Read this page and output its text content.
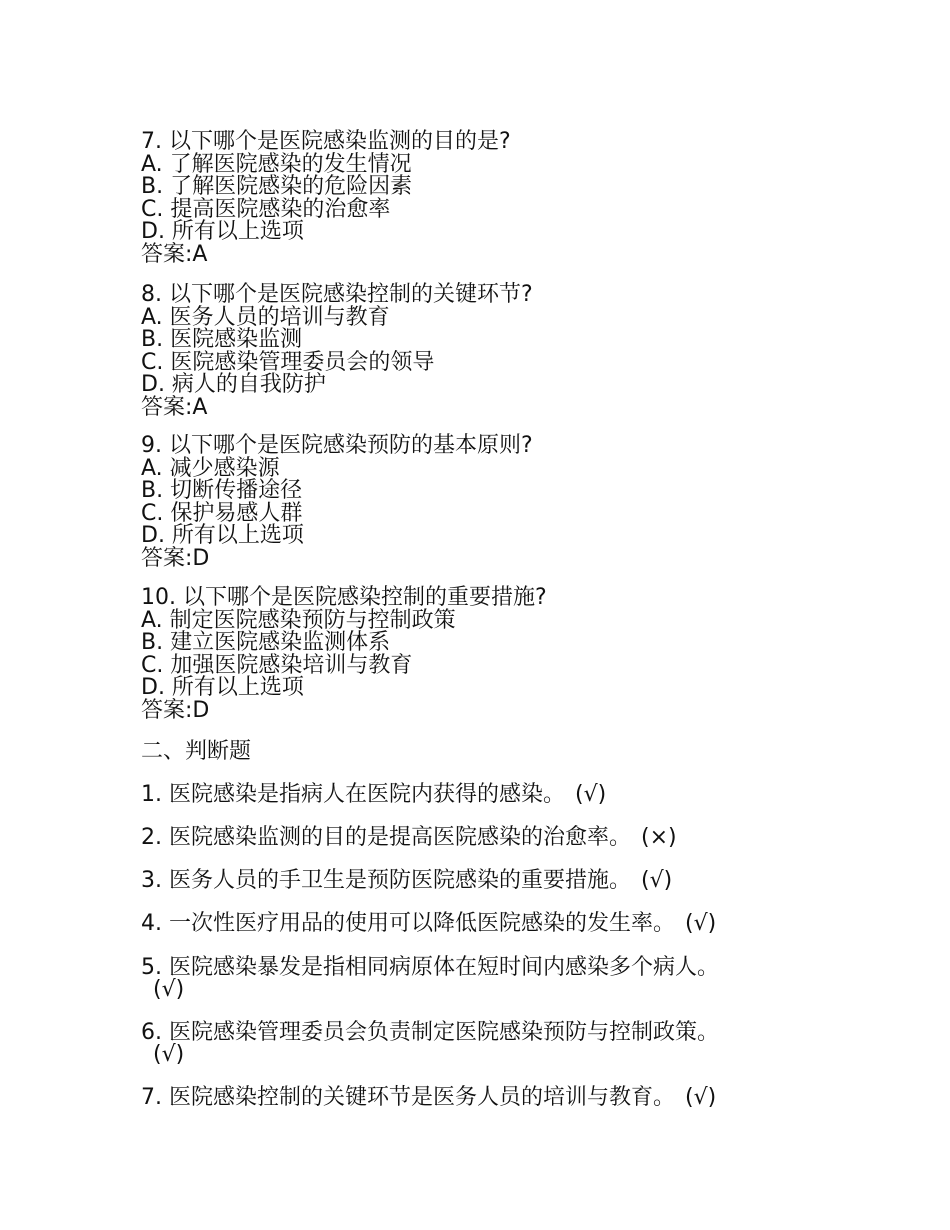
7. 以下哪个是医院感染监测的目的是?
A. 了解医院感染的发生情况
B. 了解医院感染的危险因素
C. 提高医院感染的治愈率
D. 所有以上选项
答案:A
8. 以下哪个是医院感染控制的关键环节?
A. 医务人员的培训与教育
B. 医院感染监测
C. 医院感染管理委员会的领导
D. 病人的自我防护
答案:A
9. 以下哪个是医院感染预防的基本原则?
A. 减少感染源
B. 切断传播途径
C. 保护易感人群
D. 所有以上选项
答案:D
10. 以下哪个是医院感染控制的重要措施?
A. 制定医院感染预防与控制政策
B. 建立医院感染监测体系
C. 加强医院感染培训与教育
D. 所有以上选项
答案:D
二、判断题
1. 医院感染是指病人在医院内获得的感染。 (√)
2. 医院感染监测的目的是提高医院感染的治愈率。 (×)
3. 医务人员的手卫生是预防医院感染的重要措施。 (√)
4. 一次性医疗用品的使用可以降低医院感染的发生率。 (√)
5. 医院感染暴发是指相同病原体在短时间内感染多个病人。
(√)
6. 医院感染管理委员会负责制定医院感染预防与控制政策。
(√)
7. 医院感染控制的关键环节是医务人员的培训与教育。 (√)
